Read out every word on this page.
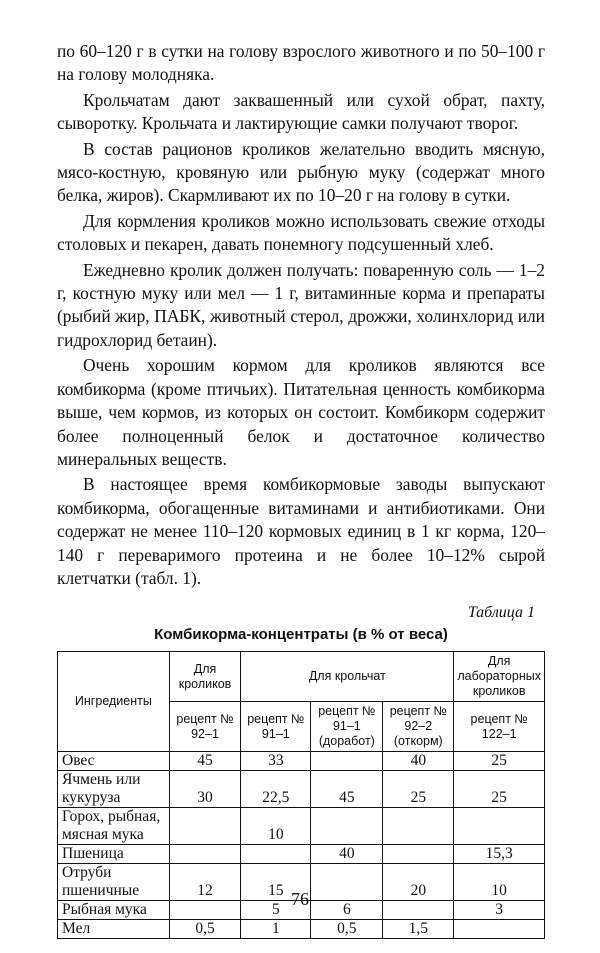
по 60–120 г в сутки на голову взрослого животного и по 50–100 г на голову молодняка.

Крольчатам дают заквашенный или сухой обрат, пахту, сыворотку. Крольчата и лактирующие самки получают творог.

В состав рационов кроликов желательно вводить мясную, мясо-костную, кровяную или рыбную муку (содержат много белка, жиров). Скармливают их по 10–20 г на голову в сутки.

Для кормления кроликов можно использовать свежие отходы столовых и пекарен, давать понемногу подсушенный хлеб.

Ежедневно кролик должен получать: поваренную соль — 1–2 г, костную муку или мел — 1 г, витаминные корма и препараты (рыбий жир, ПАБК, животный стерол, дрожжи, холинхлорид или гидрохлорид бетаин).

Очень хорошим кормом для кроликов являются все комбикорма (кроме птичьих). Питательная ценность комбикорма выше, чем кормов, из которых он состоит. Комбикорм содержит более полноценный белок и достаточное количество минеральных веществ.

В настоящее время комбикормовые заводы выпускают комбикорма, обогащенные витаминами и антибиотиками. Они содержат не менее 110–120 кормовых единиц в 1 кг корма, 120–140 г переваримого протеина и не более 10–12% сырой клетчатки (табл. 1).

Таблица 1
Комбикорма-концентраты (в % от веса)
Ингредиенты	Для кроликов	Для крольчат			Для лабораторных кроликов
	рецепт № 92–1	рецепт № 91–1	рецепт № 91–1 (доработ)	рецепт № 92–2 (откорм)	рецепт № 122–1
Овес	45	33		40	25
Ячмень или кукуруза	30	22,5	45	25	25
Горох, рыбная, мясная мука		10			
Пшеница			40		15,3
Отруби пшеничные	12	15		20	10
Рыбная мука		5	6		3
Мел	0,5	1	0,5	1,5	
76
